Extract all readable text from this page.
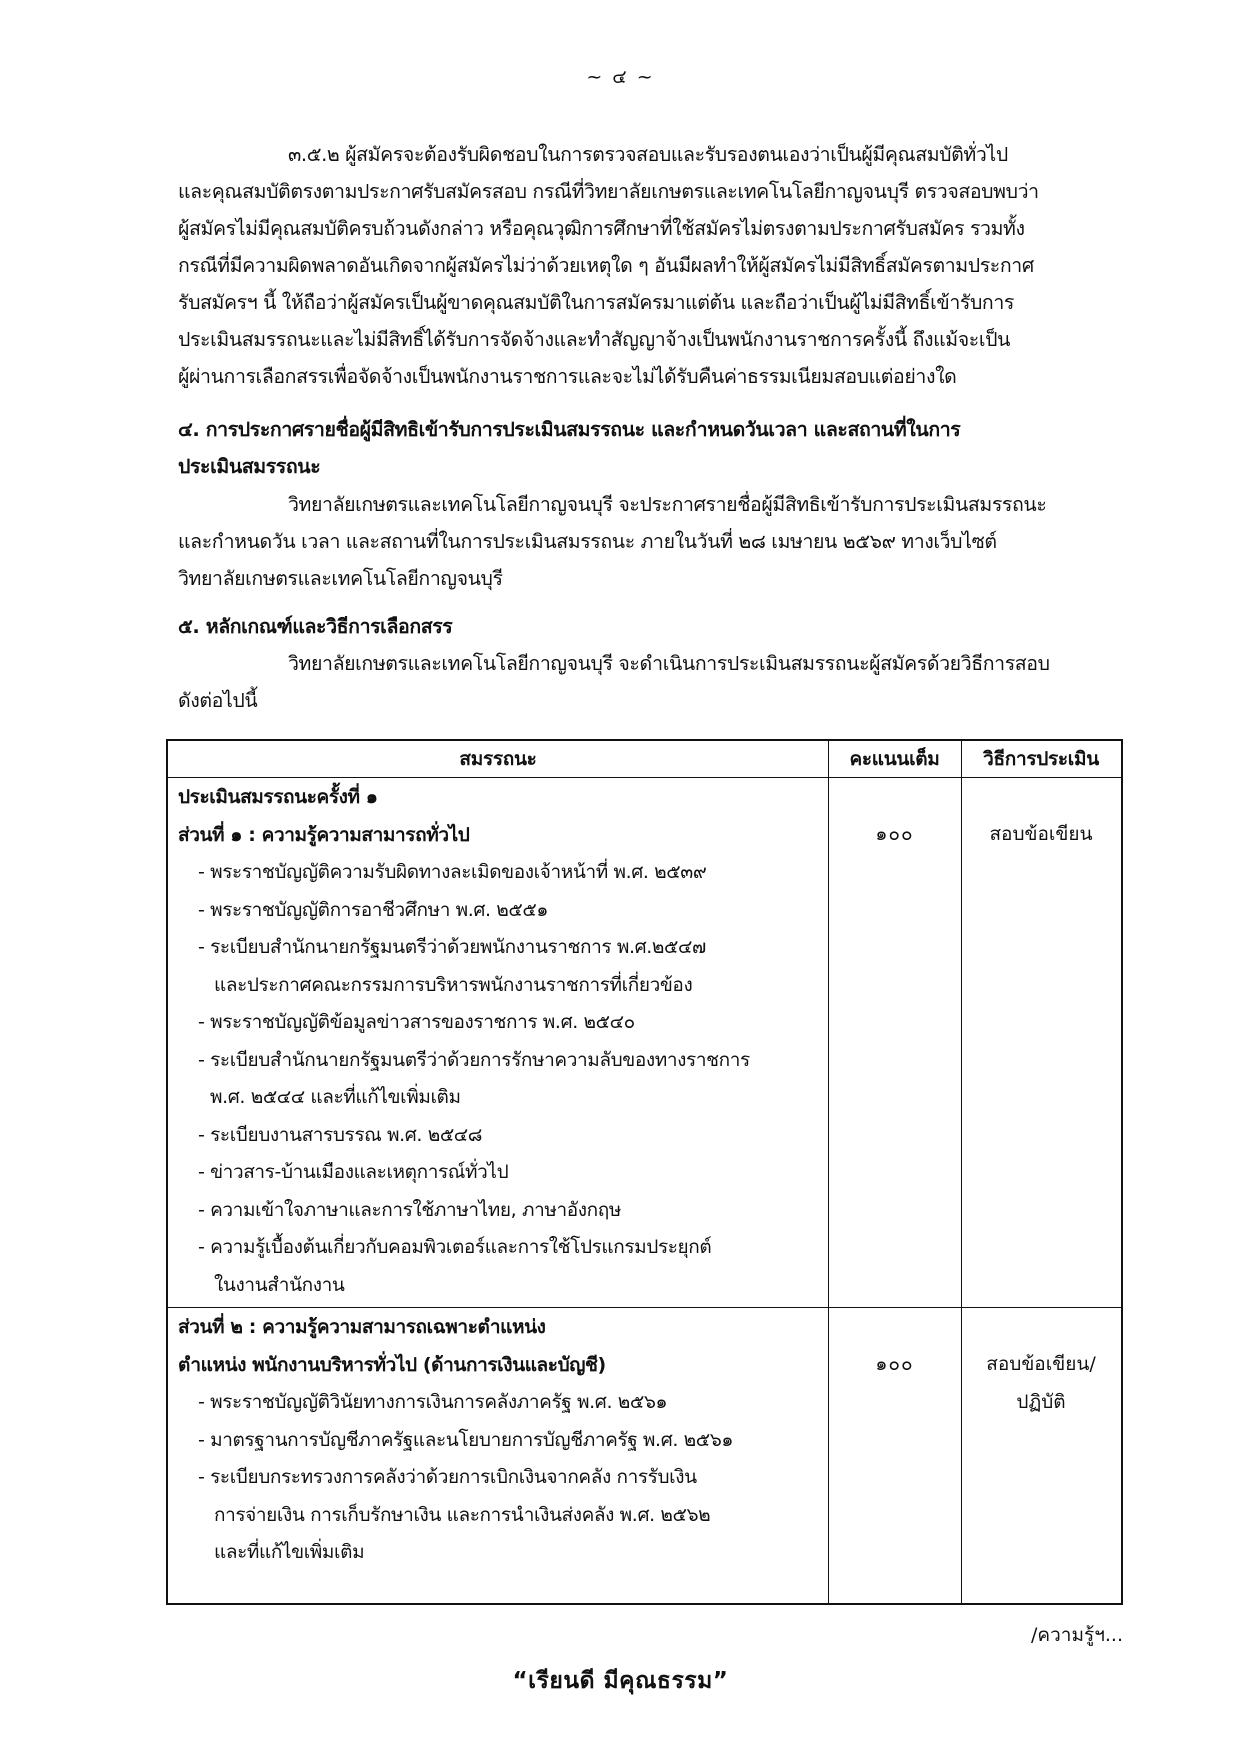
~ ๔ ~
๓.๕.๒ ผู้สมัครจะต้องรับผิดชอบในการตรวจสอบและรับรองตนเองว่าเป็นผู้มีคุณสมบัติทั่วไป
และคุณสมบัติตรงตามประกาศรับสมัครสอบ กรณีที่วิทยาลัยเกษตรและเทคโนโลยีกาญจนบุรี ตรวจสอบพบว่า
ผู้สมัครไม่มีคุณสมบัติครบถ้วนดังกล่าว หรือคุณวุฒิการศึกษาที่ใช้สมัครไม่ตรงตามประกาศรับสมัคร รวมทั้ง
กรณีที่มีความผิดพลาดอันเกิดจากผู้สมัครไม่ว่าด้วยเหตุใด ๆ อันมีผลทำให้ผู้สมัครไม่มีสิทธิ์สมัครตามประกาศ
รับสมัครฯ นี้ ให้ถือว่าผู้สมัครเป็นผู้ขาดคุณสมบัติในการสมัครมาแต่ต้น และถือว่าเป็นผู้ไม่มีสิทธิ์เข้ารับการ
ประเมินสมรรถนะและไม่มีสิทธิ์ได้รับการจัดจ้างและทำสัญญาจ้างเป็นพนักงานราชการครั้งนี้ ถึงแม้จะเป็น
ผู้ผ่านการเลือกสรรเพื่อจัดจ้างเป็นพนักงานราชการและจะไม่ได้รับคืนค่าธรรมเนียมสอบแต่อย่างใด
๔. การประกาศรายชื่อผู้มีสิทธิเข้ารับการประเมินสมรรถนะ และกำหนดวันเวลา และสถานที่ในการ
ประเมินสมรรถนะ
วิทยาลัยเกษตรและเทคโนโลยีกาญจนบุรี จะประกาศรายชื่อผู้มีสิทธิเข้ารับการประเมินสมรรถนะ
และกำหนดวัน เวลา และสถานที่ในการประเมินสมรรถนะ ภายในวันที่ ๒๘ เมษายน ๒๕๖๙ ทางเว็บไซต์
วิทยาลัยเกษตรและเทคโนโลยีกาญจนบุรี
๕. หลักเกณฑ์และวิธีการเลือกสรร
วิทยาลัยเกษตรและเทคโนโลยีกาญจนบุรี จะดำเนินการประเมินสมรรถนะผู้สมัครด้วยวิธีการสอบ
ดังต่อไปนี้
สมรรถนะ	คะแนนเต็ม	วิธีการประเมิน
ประเมินสมรรถนะครั้งที่ ๑
ส่วนที่ ๑ : ความรู้ความสามารถทั่วไป
- พระราชบัญญัติความรับผิดทางละเมิดของเจ้าหน้าที่ พ.ศ. ๒๕๓๙
- พระราชบัญญัติการอาชีวศึกษา พ.ศ. ๒๕๕๑
- ระเบียบสำนักนายกรัฐมนตรีว่าด้วยพนักงานราชการ พ.ศ.๒๕๔๗
และประกาศคณะกรรมการบริหารพนักงานราชการที่เกี่ยวข้อง
- พระราชบัญญัติข้อมูลข่าวสารของราชการ พ.ศ. ๒๕๔๐
- ระเบียบสำนักนายกรัฐมนตรีว่าด้วยการรักษาความลับของทางราชการ
พ.ศ. ๒๕๔๔ และที่แก้ไขเพิ่มเติม
- ระเบียบงานสารบรรณ พ.ศ. ๒๕๔๘
- ข่าวสาร-บ้านเมืองและเหตุการณ์ทั่วไป
- ความเข้าใจภาษาและการใช้ภาษาไทย, ภาษาอังกฤษ
- ความรู้เบื้องต้นเกี่ยวกับคอมพิวเตอร์และการใช้โปรแกรมประยุกต์
ในงานสำนักงาน
๑๐๐	สอบข้อเขียน
ส่วนที่ ๒ : ความรู้ความสามารถเฉพาะตำแหน่ง
ตำแหน่ง พนักงานบริหารทั่วไป (ด้านการเงินและบัญชี)
- พระราชบัญญัติวินัยทางการเงินการคลังภาครัฐ พ.ศ. ๒๕๖๑
- มาตรฐานการบัญชีภาครัฐและนโยบายการบัญชีภาครัฐ พ.ศ. ๒๕๖๑
- ระเบียบกระทรวงการคลังว่าด้วยการเบิกเงินจากคลัง การรับเงิน
การจ่ายเงิน การเก็บรักษาเงิน และการนำเงินส่งคลัง พ.ศ. ๒๕๖๒
และที่แก้ไขเพิ่มเติม
๑๐๐	สอบข้อเขียน/
ปฏิบัติ
/ความรู้ฯ...
“เรียนดี มีคุณธรรม”
